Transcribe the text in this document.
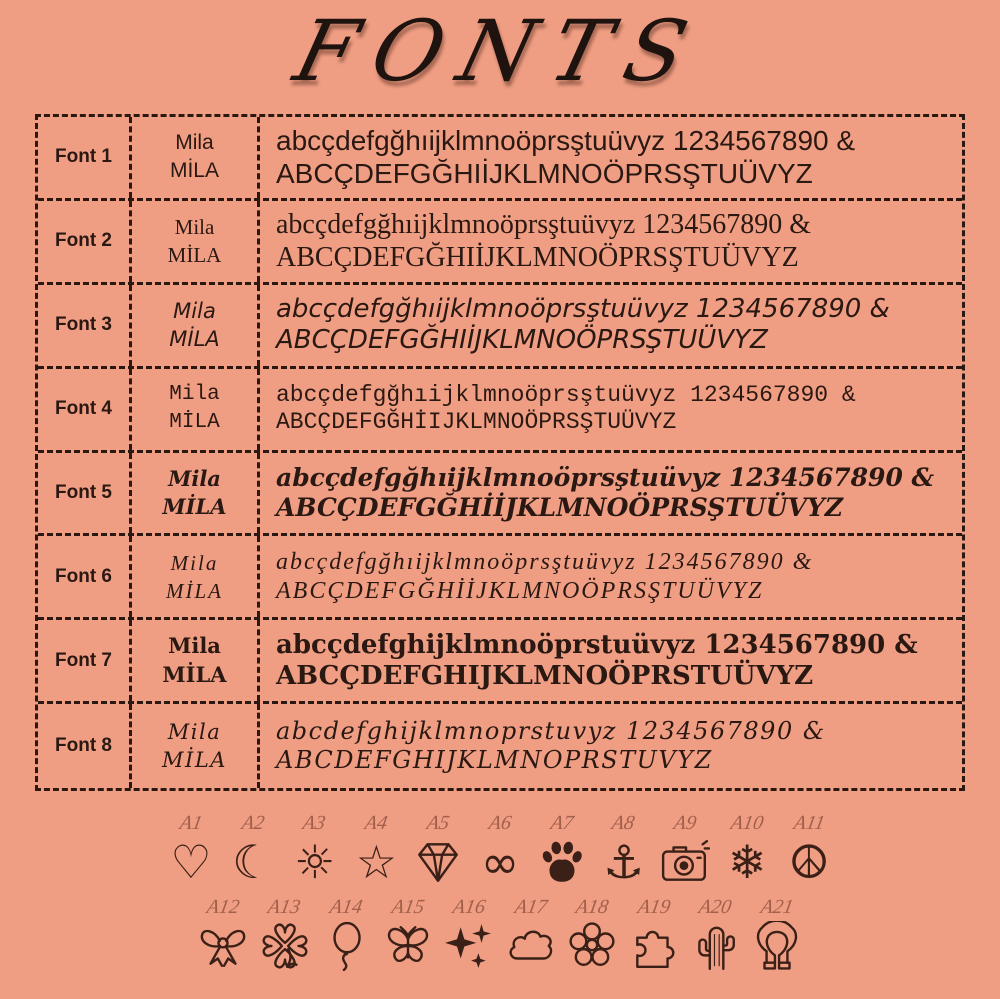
FONTS
Font 1
Mila
MİLA
abcçdefgğhıijklmnoöprsştuüvyz 1234567890 &
ABCÇDEFGĞHIİJKLMNOÖPRSŞTUÜVYZ
Font 2
Mila
MİLA
abcçdefgğhıijklmnoöprsştuüvyz 1234567890 &
ABCÇDEFGĞHIİJKLMNOÖPRSŞTUÜVYZ
Font 3
Mila
MİLA
abcçdefgğhıijklmnoöprsştuüvyz 1234567890 &
ABCÇDEFGĞHIİJKLMNOÖPRSŞTUÜVYZ
Font 4
Mila
MİLA
abcçdefgğhıijklmnoöprsştuüvyz 1234567890 &
ABCÇDEFGĞHİIJKLMNOÖPRSŞTUÜVYZ
Font 5
Mila
MİLA
abcçdefgğhıijklmnoöprsştuüvyz 1234567890 &
ABCÇDEFGĞHİİJKLMNOÖPRSŞTUÜVYZ
Font 6
Mila
MİLA
abcçdefgğhıijklmnoöprsştuüvyz 1234567890 &
ABCÇDEFGĞHİİJKLMNOÖPRSŞTUÜVYZ
Font 7
Mila
MİLA
abcçdefghijklmnoöprstuüvyz 1234567890 &
ABCÇDEFGHIJKLMNOÖPRSTUÜVYZ
Font 8
Mila
MİLA
abcdefghijklmnoprstuvyz 1234567890 &
ABCDEFGHIJKLMNOPRSTUVYZ
A1
♡
A2
☾
A3
☼
A4
☆
A5 A6
∞
A7 A8
⚓
A9 A10
❄
A11
☮
A12 A13 A14 A15 A16 A17 A18 A19 A20 A21
